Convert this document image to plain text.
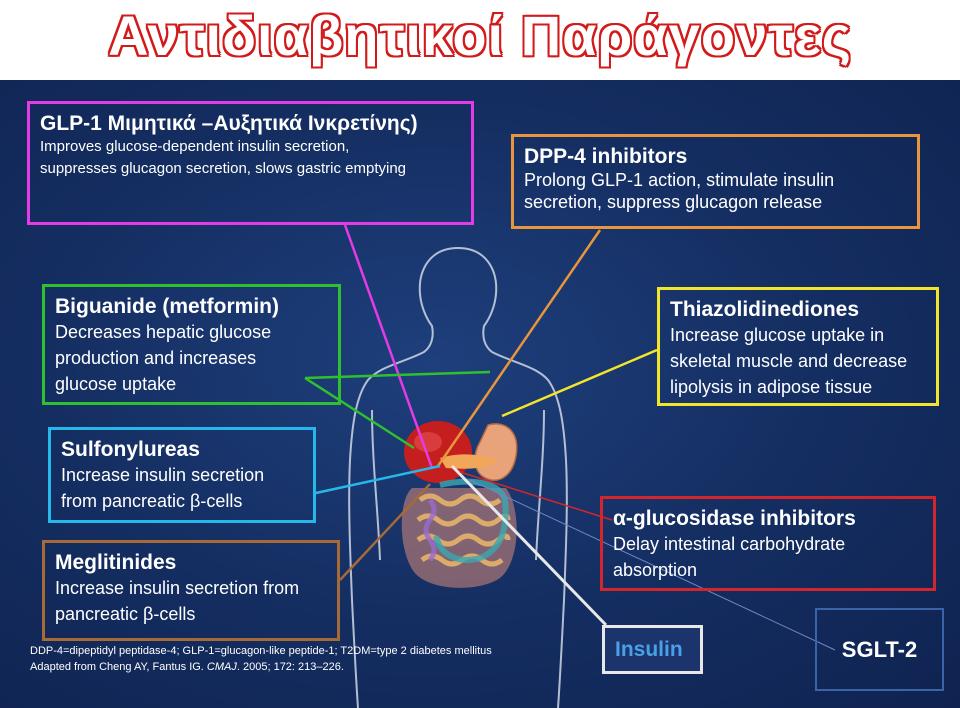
Αντιδιαβητικοί Παράγοντες
GLP-1 Μιμητικά –Αυξητικά Ινκρετίνης)
Improves glucose-dependent insulin secretion,
suppresses glucagon secretion, slows gastric emptying
DPP-4 inhibitors
Prolong GLP-1 action, stimulate insulin
secretion, suppress glucagon release
Biguanide (metformin)
Decreases hepatic glucose
production and increases
glucose uptake
Thiazolidinediones
Increase glucose uptake in
skeletal muscle and decrease
lipolysis in adipose tissue
Sulfonylureas
Increase insulin secretion
from pancreatic β-cells
α-glucosidase inhibitors
Delay intestinal carbohydrate
absorption
Meglitinides
Increase insulin secretion from
pancreatic β-cells
Insulin	SGLT-2
DDP-4=dipeptidyl peptidase-4; GLP-1=glucagon-like peptide-1; T2DM=type 2 diabetes mellitus
Adapted from Cheng AY, Fantus IG. CMAJ. 2005; 172: 213–226.
